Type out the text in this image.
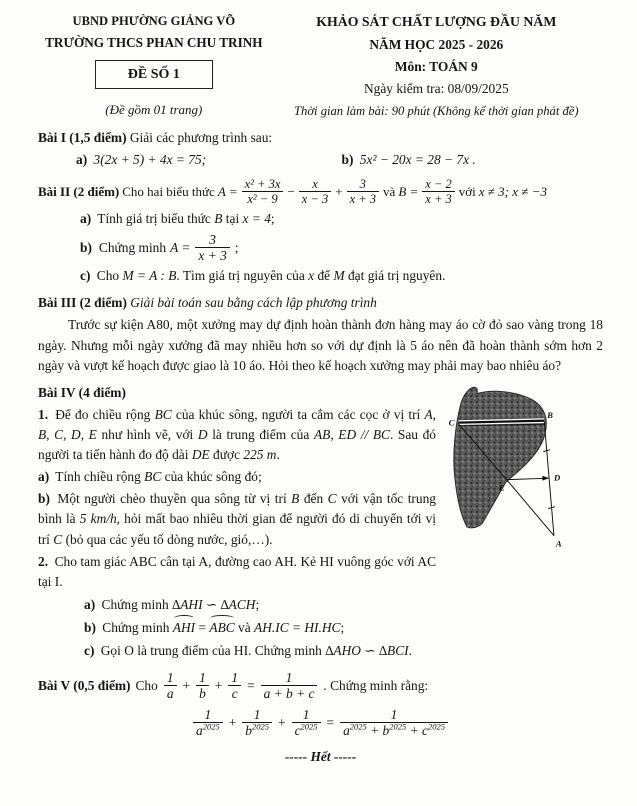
UBND PHƯỜNG GIẢNG VÕ
TRƯỜNG THCS PHAN CHU TRINH
ĐỀ SỐ 1
(Đề gồm 01 trang)
KHẢO SÁT CHẤT LƯỢNG ĐẦU NĂM
NĂM HỌC 2025 - 2026
Môn: TOÁN 9
Ngày kiểm tra: 08/09/2025
Thời gian làm bài: 90 phút (Không kể thời gian phát đề)
Bài I (1,5 điểm) Giải các phương trình sau:
a) 3(2x + 5) + 4x = 75;	b) 5x² − 20x = 28 − 7x .
Bài II (2 điểm) Cho hai biểu thức $A = \frac{\text{x² + 3x}}{\text{x² − 9}} - \frac{x}{x - 3} + \frac{3}{x + 3}$ và $B = \frac{x - 2}{x + 3}$ với x ≠ 3; x ≠ −3
a) Tính giá trị biểu thức B tại x = 4;
b) Chứng minh $A = \frac{3}{x + 3}$ ;
c) Cho M = A : B. Tìm giá trị nguyên của x để M đạt giá trị nguyên.
Bài III (2 điểm) Giải bài toán sau bằng cách lập phương trình

Trước sự kiện A80, một xưởng may dự định hoàn thành đơn hàng may áo cờ đỏ sao vàng trong 18 ngày. Nhưng mỗi ngày xưởng đã may nhiều hơn so với dự định là 5 áo nên đã hoàn thành sớm hơn 2 ngày và vượt kế hoạch được giao là 10 áo. Hỏi theo kế hoạch xưởng may phải may bao nhiêu áo?

C
B
E
D
A
Bài IV (4 điểm)

1. Để đo chiều rộng BC của khúc sông, người ta cắm các cọc ở vị trí A, B, C, D, E như hình vẽ, với D là trung điểm của AB, ED // BC. Sau đó người ta tiến hành đo độ dài DE được 225 m.

a) Tính chiều rộng BC của khúc sông đó;

b) Một người chèo thuyền qua sông từ vị trí B đến C với vận tốc trung bình là 5 km/h, hỏi mất bao nhiêu thời gian để người đó di chuyển tới vị trí C (bỏ qua các yếu tố dòng nước, gió,…).

2. Cho tam giác ABC cân tại A, đường cao AH. Kẻ HI vuông góc với AC tại I.

a) Chứng minh ∆AHI ∽ ∆ACH;
b) Chứng minh AHI = ABC và AH.IC = HI.HC;
c) Gọi O là trung điểm của HI. Chứng minh ∆AHO ∽ ∆BCI.
Bài V (0,5 điểm) Cho $\frac{1}{a} + \frac{1}{b} + \frac{1}{c} = \frac{1}{a + b + c}$ . Chứng minh rằng:
$\frac{1}{a^{2025}} + \frac{1}{b^{2025}} + \frac{1}{c^{2025}} = \frac{1}{a^{2025} + b^{2025} + c^{2025}}$
----- Hết -----
